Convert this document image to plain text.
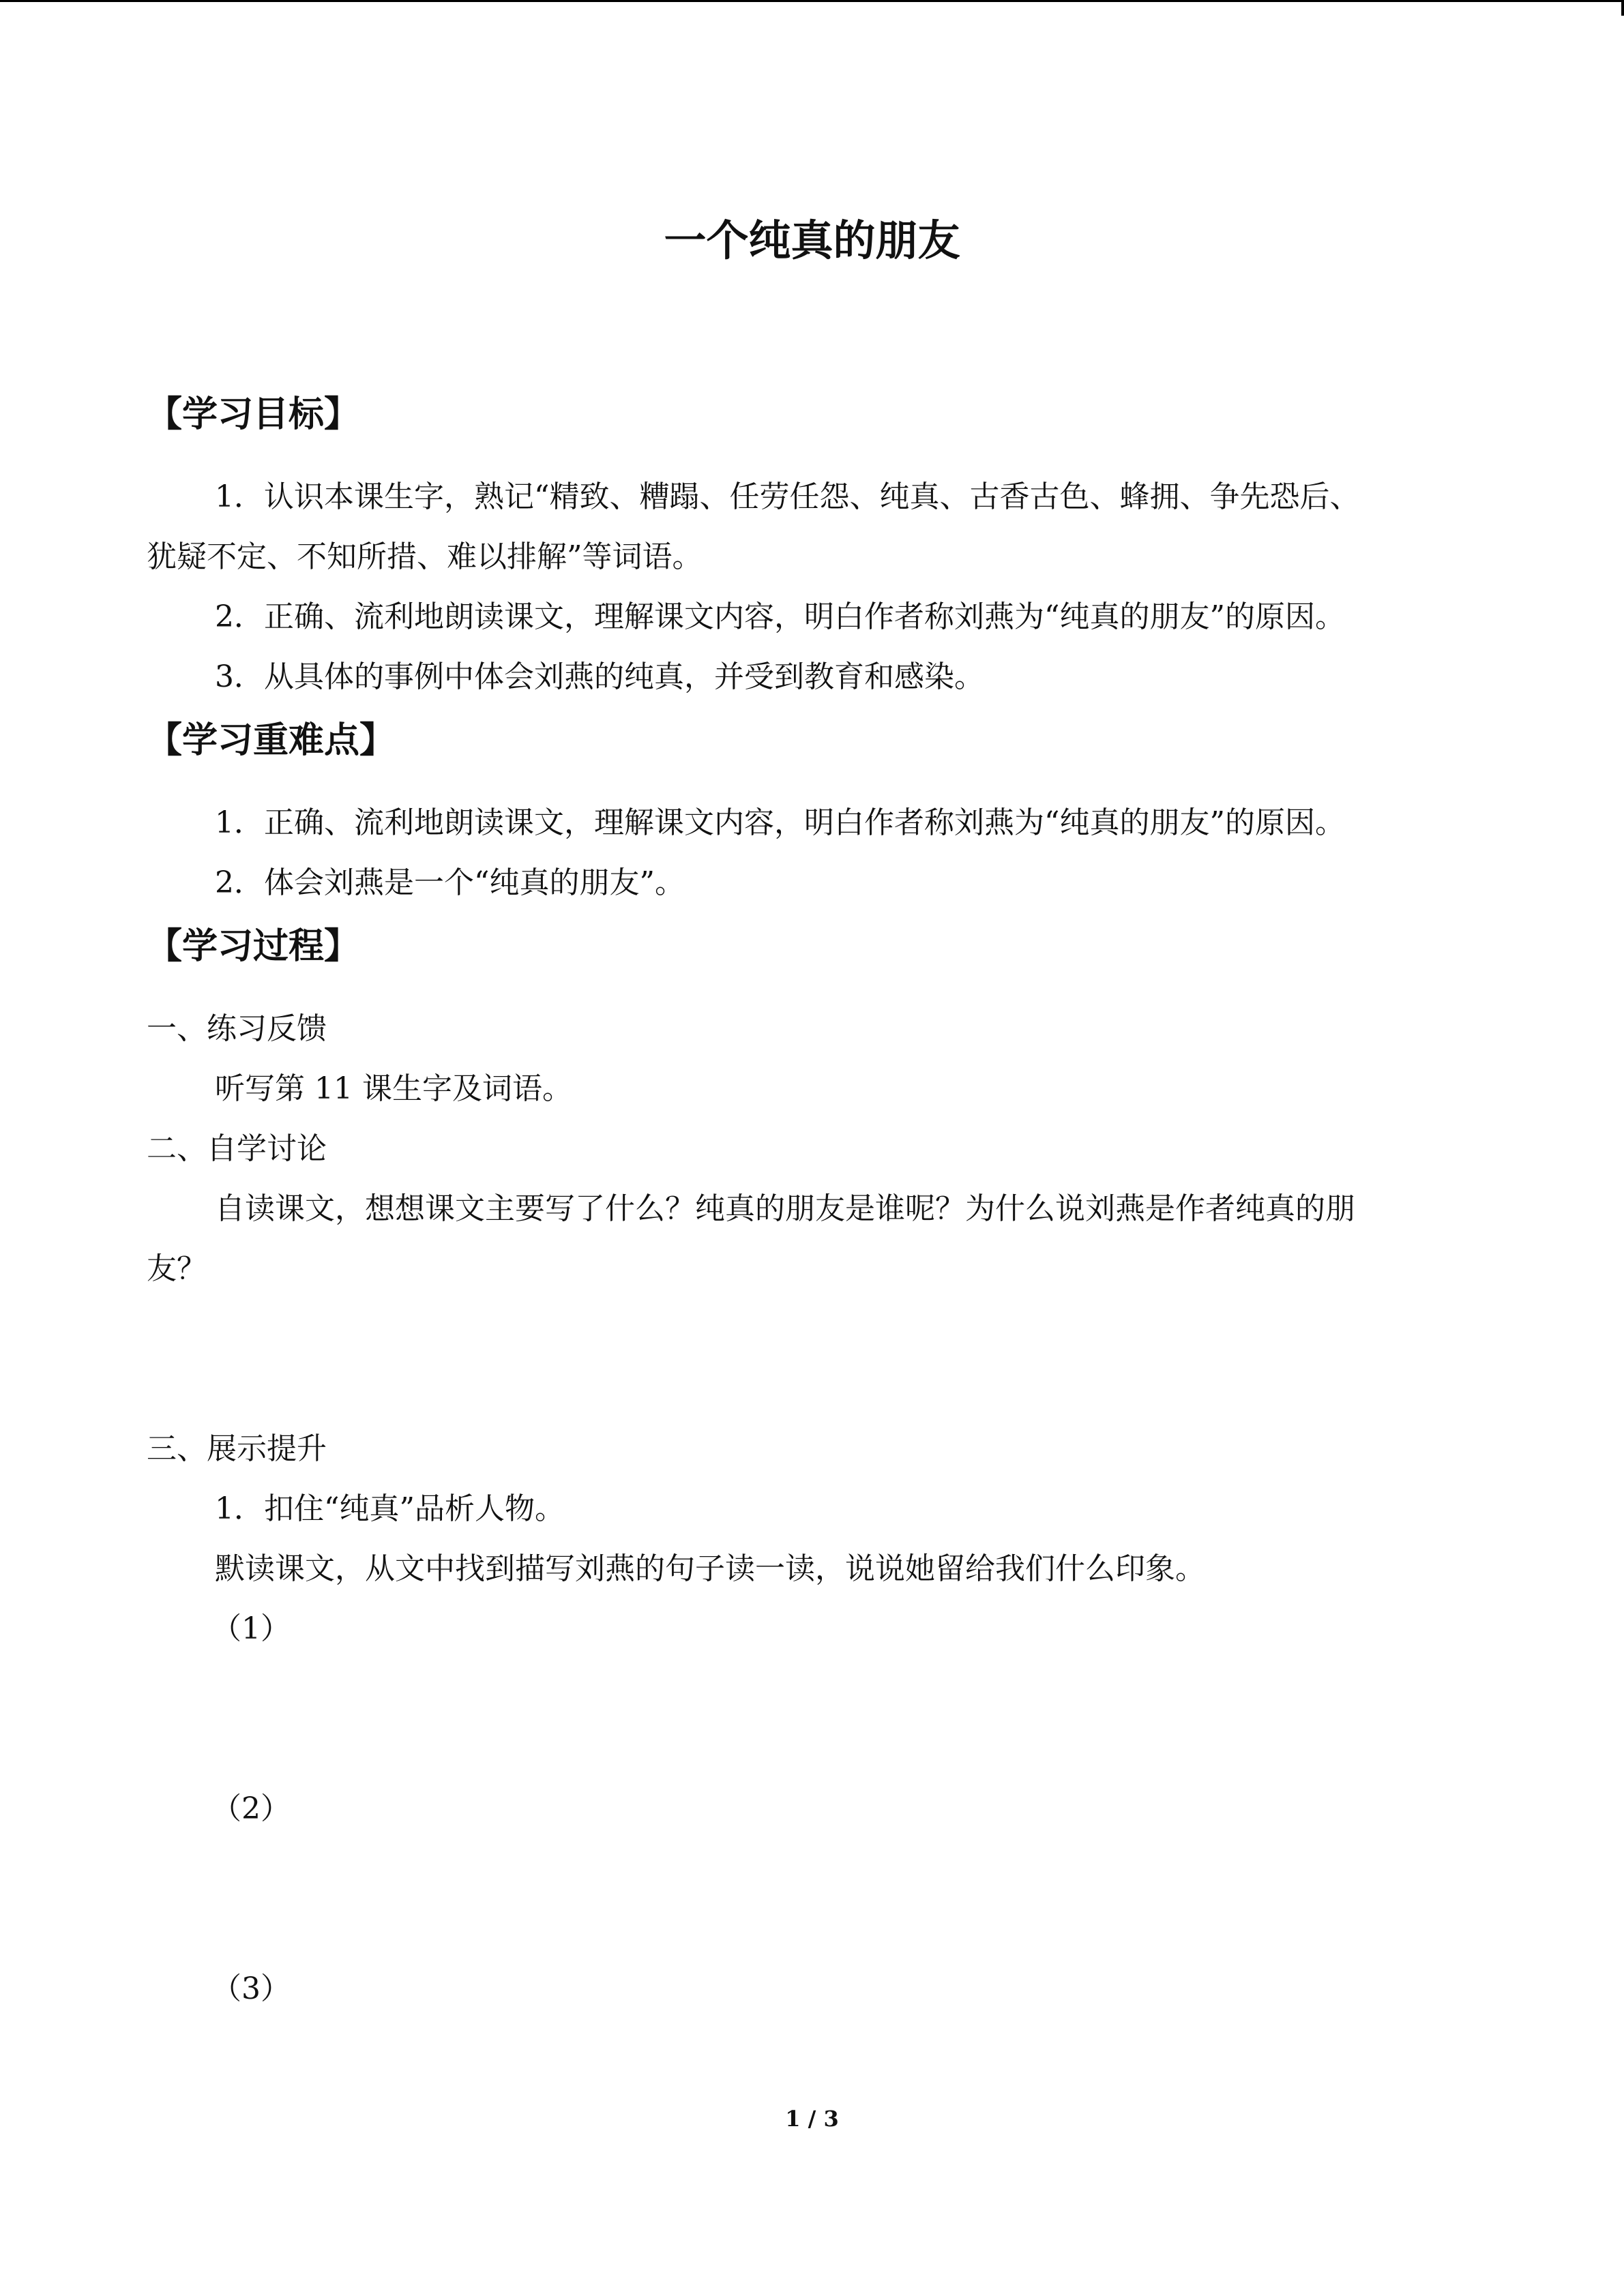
一个纯真的朋友
【学习目标】
1．认识本课生字，熟记“精致、糟蹋、任劳任怨、纯真、古香古色、蜂拥、争先恐后、
犹疑不定、不知所措、难以排解”等词语。
2．正确、流利地朗读课文，理解课文内容，明白作者称刘燕为“纯真的朋友”的原因。
3．从具体的事例中体会刘燕的纯真，并受到教育和感染。
【学习重难点】
1．正确、流利地朗读课文，理解课文内容，明白作者称刘燕为“纯真的朋友”的原因。
2．体会刘燕是一个“纯真的朋友”。
【学习过程】
一、练习反馈
听写第 11 课生字及词语。
二、自学讨论
自读课文，想想课文主要写了什么？纯真的朋友是谁呢？为什么说刘燕是作者纯真的朋
友？
三、展示提升
1．扣住“纯真”品析人物。
默读课文，从文中找到描写刘燕的句子读一读，说说她留给我们什么印象。
（1）
（2）
（3）
1 / 3
